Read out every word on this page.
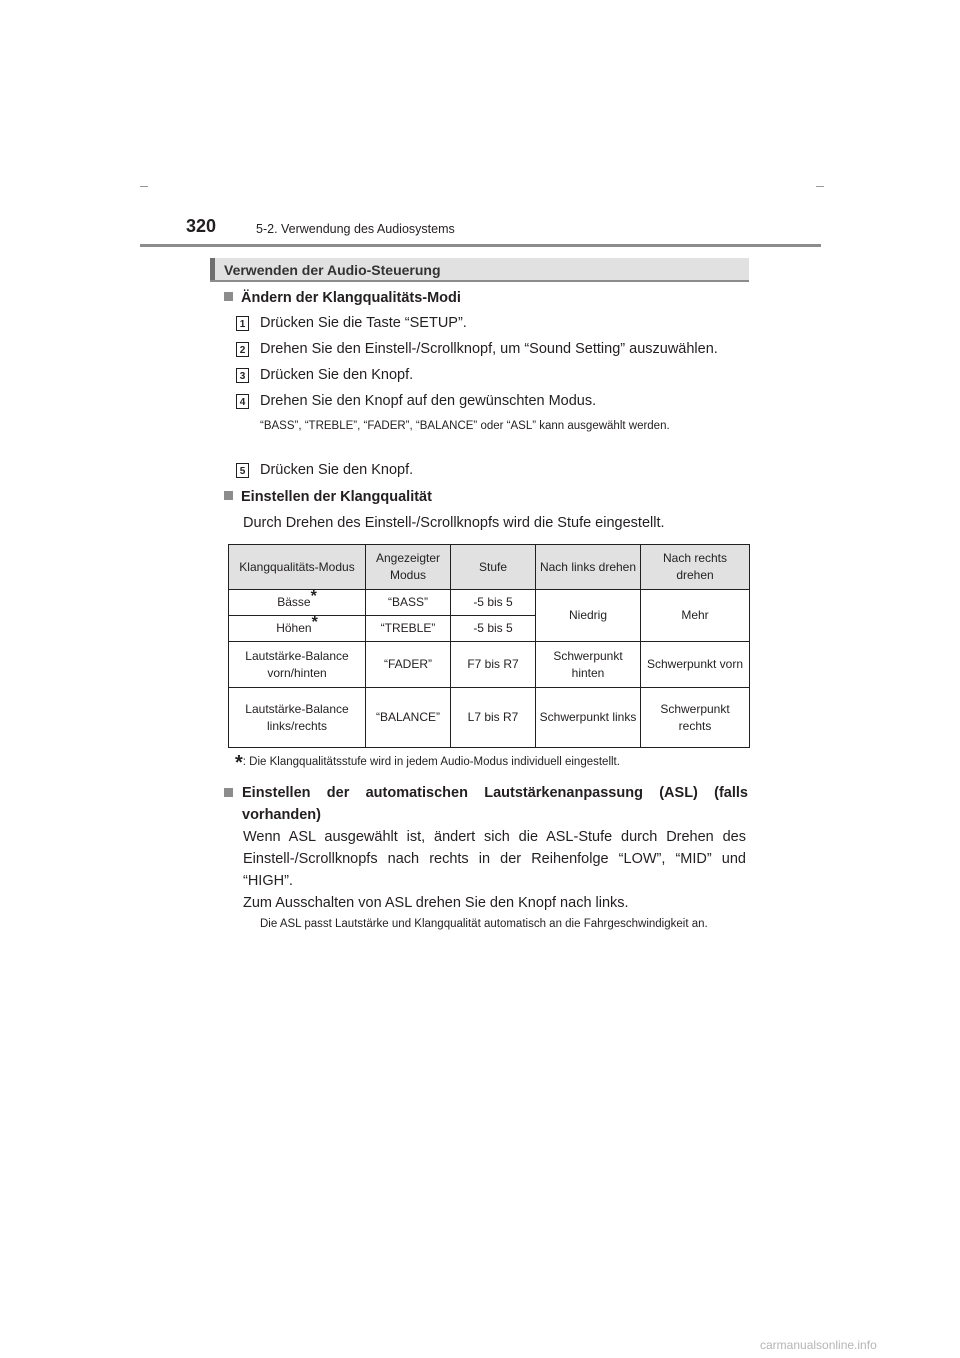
320	5-2. Verwendung des Audiosystems
Verwenden der Audio-Steuerung
Ändern der Klangqualitäts-Modi
1 Drücken Sie die Taste “SETUP”.
2 Drehen Sie den Einstell-/Scrollknopf, um “Sound Setting” auszuwählen.
3 Drücken Sie den Knopf.
4 Drehen Sie den Knopf auf den gewünschten Modus.
“BASS”, “TREBLE”, “FADER”, “BALANCE” oder “ASL” kann ausgewählt werden.
5 Drücken Sie den Knopf.
Einstellen der Klangqualität
Durch Drehen des Einstell-/Scrollknopfs wird die Stufe eingestellt.
Klangqualitäts-Modus	Angezeigter Modus	Stufe	Nach links drehen	Nach rechts drehen
Bässe*	“BASS”	-5 bis 5	Niedrig	Mehr
Höhen*	“TREBLE”	-5 bis 5		
Lautstärke-Balance vorn/hinten	“FADER”	F7 bis R7	Schwerpunkt hinten	Schwerpunkt vorn
Lautstärke-Balance links/rechts	“BALANCE”	L7 bis R7	Schwerpunkt links	Schwerpunkt rechts
*: Die Klangqualitätsstufe wird in jedem Audio-Modus individuell eingestellt.
Einstellen der automatischen Lautstärkenanpassung (ASL) (falls vorhanden)
Wenn ASL ausgewählt ist, ändert sich die ASL-Stufe durch Drehen des Einstell-/Scrollknopfs nach rechts in der Reihenfolge “LOW”, “MID” und “HIGH”.
Zum Ausschalten von ASL drehen Sie den Knopf nach links.
Die ASL passt Lautstärke und Klangqualität automatisch an die Fahrgeschwindigkeit an.
carmanualsonline.info
